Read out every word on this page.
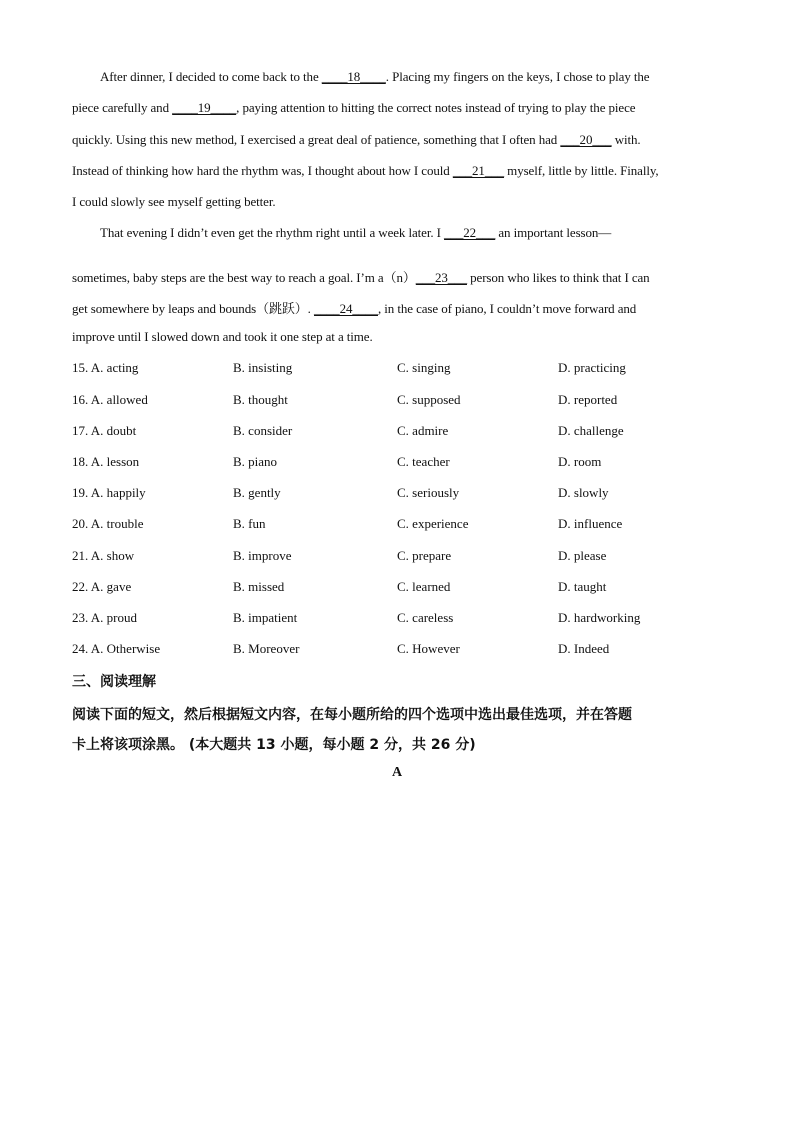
After dinner, I decided to come back to the ____18____. Placing my fingers on the keys, I chose to play the
piece carefully and ____19____, paying attention to hitting the correct notes instead of trying to play the piece
quickly. Using this new method, I exercised a great deal of patience, something that I often had ___20___ with.
Instead of thinking how hard the rhythm was, I thought about how I could ___21___ myself, little by little. Finally,
I could slowly see myself getting better.
That evening I didn’t even get the rhythm right until a week later. I ___22___ an important lesson—
sometimes, baby steps are the best way to reach a goal. I’m a（n）___23___ person who likes to think that I can
get somewhere by leaps and bounds（跳跃）. ____24____, in the case of piano, I couldn’t move forward and
improve until I slowed down and took it one step at a time.
15. A. acting	B. insisting	C. singing	D. practicing
16. A. allowed	B. thought	C. supposed	D. reported
17. A. doubt	B. consider	C. admire	D. challenge
18. A. lesson	B. piano	C. teacher	D. room
19. A. happily	B. gently	C. seriously	D. slowly
20. A. trouble	B. fun	C. experience	D. influence
21. A. show	B. improve	C. prepare	D. please
22. A. gave	B. missed	C. learned	D. taught
23. A. proud	B. impatient	C. careless	D. hardworking
24. A. Otherwise	B. Moreover	C. However	D. Indeed
三、阅读理解
阅读下面的短文，然后根据短文内容，在每小题所给的四个选项中选出最佳选项，并在答题
卡上将该项涂黑。 (本大题共 13 小题，每小题 2 分，共 26 分)
A
